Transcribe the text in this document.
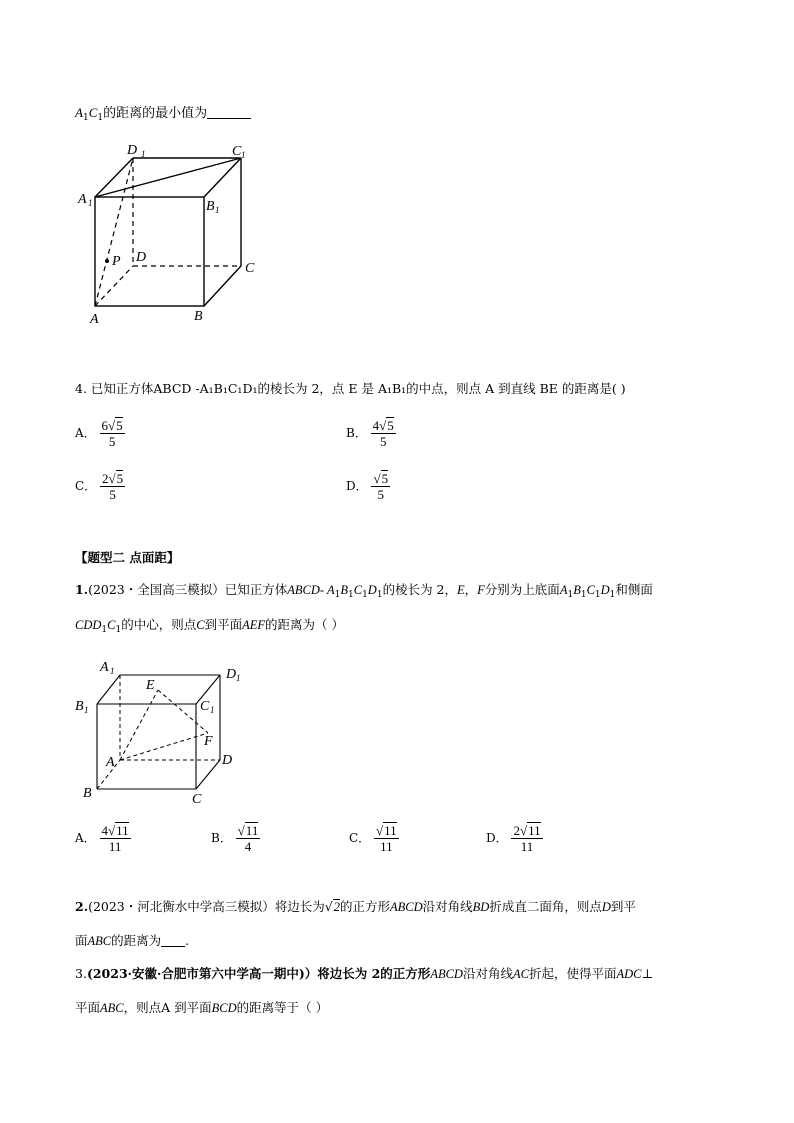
$A_1C_1$的距离的最小值为
D 1	C 1
A 1	B 1
P D
C
A	B
4. 已知正方体ABCD -A₁B₁C₁D₁的棱长为 2，点 E 是 A₁B₁的中点，则点 A 到直线 BE 的距离是( )
A． $\frac{6√5}{5}$	B． $\frac{4√5}{5}$
C． $\frac{2√5}{5}$	D． $\frac{√5}{5}$
【题型二 点面距】
1.(2023・全国高三模拟）已知正方体ABCD- $A_1B_1C_1D_1$的棱长为 2，E，F分别为上底面$A_1B_1C_1D_1$和侧面
$CDD_1C_1$的中心，则点C到平面AEF的距离为（ ）
A 1	D 1
B 1	C 1
E
F
A	D
B	C
A． $\frac{4√11}{11}$	B． $\frac{√11}{4}$	C． $\frac{√11}{11}$	D． $\frac{2√11}{11}$
2.(2023・河北衡水中学高三模拟）将边长为√2的正方形ABCD沿对角线BD折成直二面角，则点D到平
面ABC的距离为 .
3.(2023·安徽·合肥市第六中学高一期中)）将边长为 2的正方形ABCD沿对角线AC折起，使得平面ADC⊥
平面ABC，则点A 到平面BCD的距离等于（ ）
